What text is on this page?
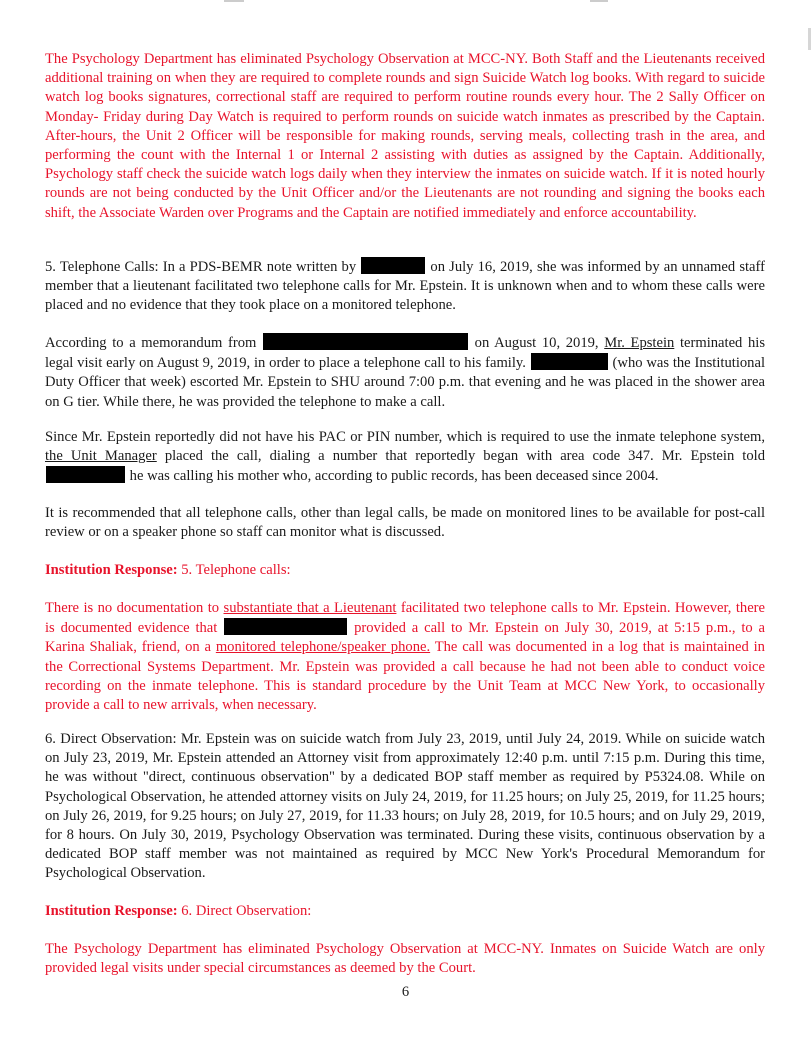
The Psychology Department has eliminated Psychology Observation at MCC-NY. Both Staff and the Lieutenants received additional training on when they are required to complete rounds and sign Suicide Watch log books. With regard to suicide watch log books signatures, correctional staff are required to perform routine rounds every hour. The 2 Sally Officer on Monday- Friday during Day Watch is required to perform rounds on suicide watch inmates as prescribed by the Captain. After-hours, the Unit 2 Officer will be responsible for making rounds, serving meals, collecting trash in the area, and performing the count with the Internal 1 or Internal 2 assisting with duties as assigned by the Captain. Additionally, Psychology staff check the suicide watch logs daily when they interview the inmates on suicide watch. If it is noted hourly rounds are not being conducted by the Unit Officer and/or the Lieutenants are not rounding and signing the books each shift, the Associate Warden over Programs and the Captain are notified immediately and enforce accountability.

5. Telephone Calls: In a PDS-BEMR note written by	on July 16, 2019, she was informed by an unnamed staff member that a lieutenant facilitated two telephone calls for Mr. Epstein. It is unknown when and to whom these calls were placed and no evidence that they took place on a monitored telephone.

According to a memorandum from	on August 10, 2019, Mr. Epstein terminated his legal visit early on August 9, 2019, in order to place a telephone call to his family.	(who was the Institutional Duty Officer that week) escorted Mr. Epstein to SHU around 7:00 p.m. that evening and he was placed in the shower area on G tier. While there, he was provided the telephone to make a call.

Since Mr. Epstein reportedly did not have his PAC or PIN number, which is required to use the inmate telephone system, the Unit Manager placed the call, dialing a number that reportedly began with area code 347. Mr. Epstein told  he was calling his mother who, according to public records, has been deceased since 2004.

It is recommended that all telephone calls, other than legal calls, be made on monitored lines to be available for post-call review or on a speaker phone so staff can monitor what is discussed.

Institution Response: 5. Telephone calls:

There is no documentation to substantiate that a Lieutenant facilitated two telephone calls to Mr. Epstein. However, there is documented evidence that	provided a call to Mr. Epstein on July 30, 2019, at 5:15 p.m., to a Karina Shaliak, friend, on a monitored telephone/speaker phone. The call was documented in a log that is maintained in the Correctional Systems Department. Mr. Epstein was provided a call because he had not been able to conduct voice recording on the inmate telephone. This is standard procedure by the Unit Team at MCC New York, to occasionally provide a call to new arrivals, when necessary.

6. Direct Observation: Mr. Epstein was on suicide watch from July 23, 2019, until July 24, 2019. While on suicide watch on July 23, 2019, Mr. Epstein attended an Attorney visit from approximately 12:40 p.m. until 7:15 p.m. During this time, he was without "direct, continuous observation" by a dedicated BOP staff member as required by P5324.08. While on Psychological Observation, he attended attorney visits on July 24, 2019, for 11.25 hours; on July 25, 2019, for 11.25 hours; on July 26, 2019, for 9.25 hours; on July 27, 2019, for 11.33 hours; on July 28, 2019, for 10.5 hours; and on July 29, 2019, for 8 hours. On July 30, 2019, Psychology Observation was terminated. During these visits, continuous observation by a dedicated BOP staff member was not maintained as required by MCC New York's Procedural Memorandum for Psychological Observation.

Institution Response: 6. Direct Observation:

The Psychology Department has eliminated Psychology Observation at MCC-NY. Inmates on Suicide Watch are only provided legal visits under special circumstances as deemed by the Court.

6
